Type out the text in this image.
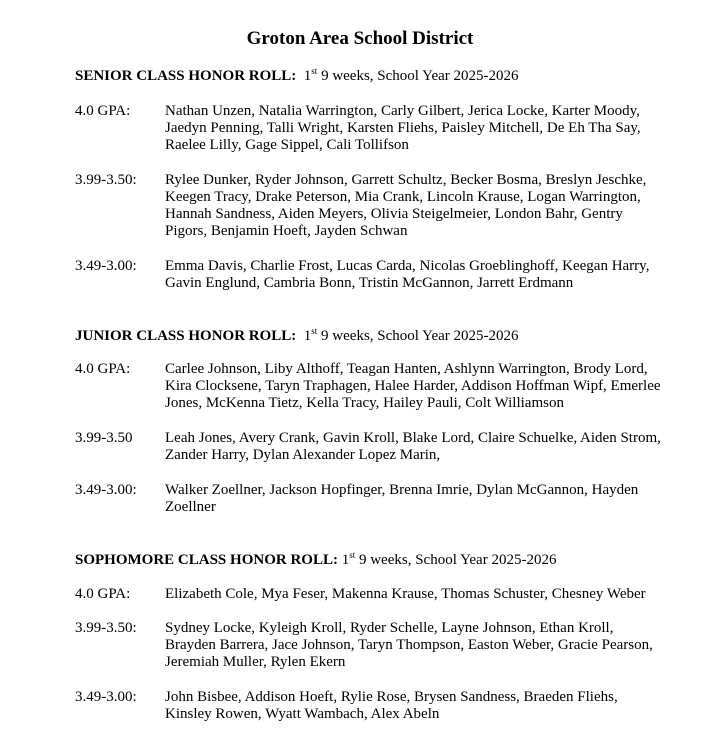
Groton Area School District

SENIOR CLASS HONOR ROLL: 1st 9 weeks, School Year 2025-2026

4.0 GPA:	Nathan Unzen, Natalia Warrington, Carly Gilbert, Jerica Locke, Karter Moody, Jaedyn Penning, Talli Wright, Karsten Fliehs, Paisley Mitchell, De Eh Tha Say, Raelee Lilly, Gage Sippel, Cali Tollifson
3.99-3.50:	Rylee Dunker, Ryder Johnson, Garrett Schultz, Becker Bosma, Breslyn Jeschke, Keegen Tracy, Drake Peterson, Mia Crank, Lincoln Krause, Logan Warrington, Hannah Sandness, Aiden Meyers, Olivia Steigelmeier, London Bahr, Gentry Pigors, Benjamin Hoeft, Jayden Schwan
3.49-3.00:	Emma Davis, Charlie Frost, Lucas Carda, Nicolas Groeblinghoff, Keegan Harry, Gavin Englund, Cambria Bonn, Tristin McGannon, Jarrett Erdmann

JUNIOR CLASS HONOR ROLL: 1st 9 weeks, School Year 2025-2026

4.0 GPA:	Carlee Johnson, Liby Althoff, Teagan Hanten, Ashlynn Warrington, Brody Lord, Kira Clocksene, Taryn Traphagen, Halee Harder, Addison Hoffman Wipf, Emerlee Jones, McKenna Tietz, Kella Tracy, Hailey Pauli, Colt Williamson
3.99-3.50	Leah Jones, Avery Crank, Gavin Kroll, Blake Lord, Claire Schuelke, Aiden Strom, Zander Harry, Dylan Alexander Lopez Marin,
3.49-3.00:	Walker Zoellner, Jackson Hopfinger, Brenna Imrie, Dylan McGannon, Hayden Zoellner

SOPHOMORE CLASS HONOR ROLL: 1st 9 weeks, School Year 2025-2026

4.0 GPA:	Elizabeth Cole, Mya Feser, Makenna Krause, Thomas Schuster, Chesney Weber
3.99-3.50:	Sydney Locke, Kyleigh Kroll, Ryder Schelle, Layne Johnson, Ethan Kroll, Brayden Barrera, Jace Johnson, Taryn Thompson, Easton Weber, Gracie Pearson, Jeremiah Muller, Rylen Ekern
3.49-3.00:	John Bisbee, Addison Hoeft, Rylie Rose, Brysen Sandness, Braeden Fliehs, Kinsley Rowen, Wyatt Wambach, Alex Abeln
